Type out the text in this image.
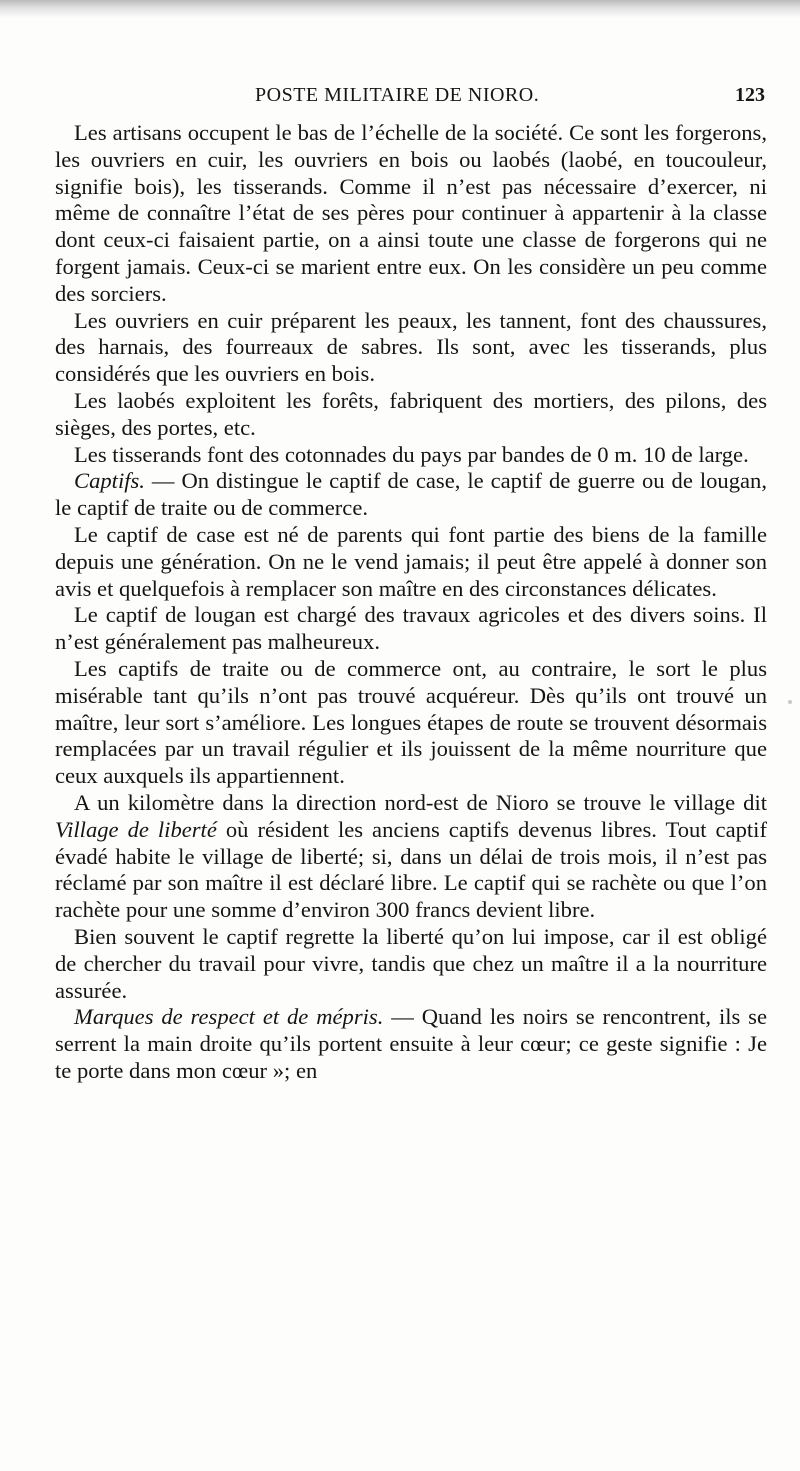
POSTE MILITAIRE DE NIORO.	123

Les artisans occupent le bas de l’échelle de la société. Ce sont les forgerons, les ouvriers en cuir, les ouvriers en bois ou laobés (laobé, en toucouleur, signifie bois), les tisserands. Comme il n’est pas nécessaire d’exercer, ni même de connaître l’état de ses pères pour continuer à appartenir à la classe dont ceux-ci faisaient partie, on a ainsi toute une classe de forgerons qui ne forgent jamais. Ceux-ci se marient entre eux. On les considère un peu comme des sorciers.

Les ouvriers en cuir préparent les peaux, les tannent, font des chaussures, des harnais, des fourreaux de sabres. Ils sont, avec les tisserands, plus considérés que les ouvriers en bois.

Les laobés exploitent les forêts, fabriquent des mortiers, des pilons, des sièges, des portes, etc.

Les tisserands font des cotonnades du pays par bandes de 0 m. 10 de large.

Captifs. — On distingue le captif de case, le captif de guerre ou de lougan, le captif de traite ou de commerce.

Le captif de case est né de parents qui font partie des biens de la famille depuis une génération. On ne le vend jamais; il peut être appelé à donner son avis et quelquefois à remplacer son maître en des circonstances délicates.

Le captif de lougan est chargé des travaux agricoles et des divers soins. Il n’est généralement pas malheureux.

Les captifs de traite ou de commerce ont, au contraire, le sort le plus misérable tant qu’ils n’ont pas trouvé acquéreur. Dès qu’ils ont trouvé un maître, leur sort s’améliore. Les longues étapes de route se trouvent désormais remplacées par un travail régulier et ils jouissent de la même nourriture que ceux auxquels ils appartiennent.

A un kilomètre dans la direction nord-est de Nioro se trouve le village dit Village de liberté où résident les anciens captifs devenus libres. Tout captif évadé habite le village de liberté; si, dans un délai de trois mois, il n’est pas réclamé par son maître il est déclaré libre. Le captif qui se rachète ou que l’on rachète pour une somme d’environ 300 francs devient libre.

Bien souvent le captif regrette la liberté qu’on lui impose, car il est obligé de chercher du travail pour vivre, tandis que chez un maître il a la nourriture assurée.

Marques de respect et de mépris. — Quand les noirs se rencontrent, ils se serrent la main droite qu’ils portent ensuite à leur cœur; ce geste signifie : Je te porte dans mon cœur »; en
